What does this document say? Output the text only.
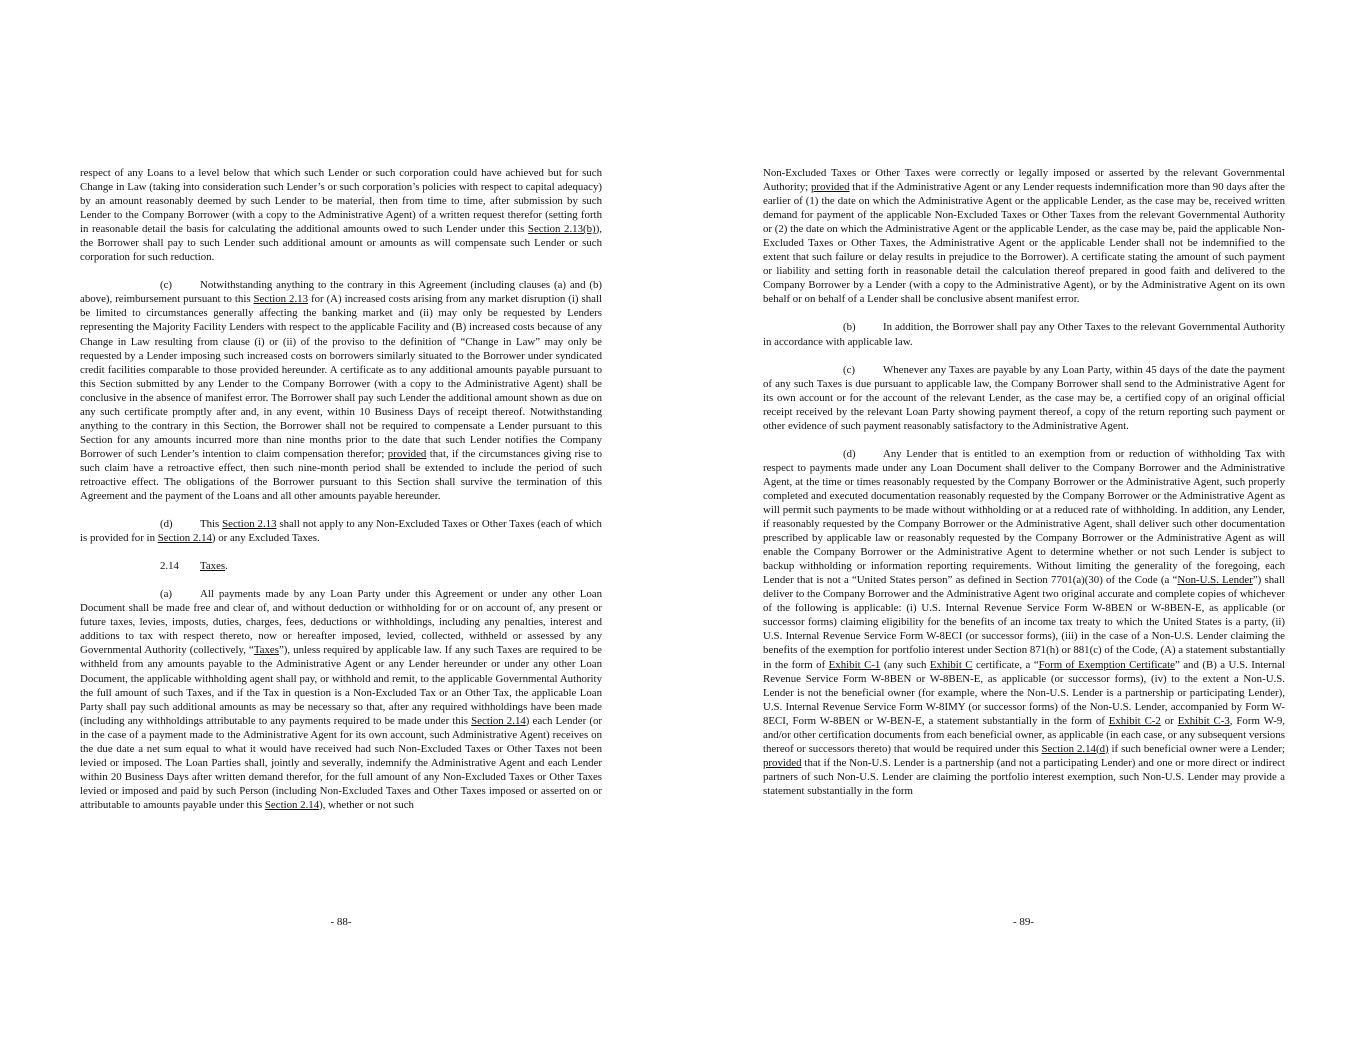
respect of any Loans to a level below that which such Lender or such corporation could have achieved but for such Change in Law (taking into consideration such Lender’s or such corporation’s policies with respect to capital adequacy) by an amount reasonably deemed by such Lender to be material, then from time to time, after submission by such Lender to the Company Borrower (with a copy to the Administrative Agent) of a written request therefor (setting forth in reasonable detail the basis for calculating the additional amounts owed to such Lender under this Section 2.13(b)), the Borrower shall pay to such Lender such additional amount or amounts as will compensate such Lender or such corporation for such reduction.

(c)	Notwithstanding anything to the contrary in this Agreement (including clauses (a) and (b) above), reimbursement pursuant to this Section 2.13 for (A) increased costs arising from any market disruption (i) shall be limited to circumstances generally affecting the banking market and (ii) may only be requested by Lenders representing the Majority Facility Lenders with respect to the applicable Facility and (B) increased costs because of any Change in Law resulting from clause (i) or (ii) of the proviso to the definition of “Change in Law” may only be requested by a Lender imposing such increased costs on borrowers similarly situated to the Borrower under syndicated credit facilities comparable to those provided hereunder. A certificate as to any additional amounts payable pursuant to this Section submitted by any Lender to the Company Borrower (with a copy to the Administrative Agent) shall be conclusive in the absence of manifest error. The Borrower shall pay such Lender the additional amount shown as due on any such certificate promptly after and, in any event, within 10 Business Days of receipt thereof. Notwithstanding anything to the contrary in this Section, the Borrower shall not be required to compensate a Lender pursuant to this Section for any amounts incurred more than nine months prior to the date that such Lender notifies the Company Borrower of such Lender’s intention to claim compensation therefor; provided that, if the circumstances giving rise to such claim have a retroactive effect, then such nine-month period shall be extended to include the period of such retroactive effect. The obligations of the Borrower pursuant to this Section shall survive the termination of this Agreement and the payment of the Loans and all other amounts payable hereunder.

(d)	This Section 2.13 shall not apply to any Non-Excluded Taxes or Other Taxes (each of which is provided for in Section 2.14) or any Excluded Taxes.

2.14 Taxes.

(a)	All payments made by any Loan Party under this Agreement or under any other Loan Document shall be made free and clear of, and without deduction or withholding for or on account of, any present or future taxes, levies, imposts, duties, charges, fees, deductions or withholdings, including any penalties, interest and additions to tax with respect thereto, now or hereafter imposed, levied, collected, withheld or assessed by any Governmental Authority (collectively, “Taxes”), unless required by applicable law. If any such Taxes are required to be withheld from any amounts payable to the Administrative Agent or any Lender hereunder or under any other Loan Document, the applicable withholding agent shall pay, or withhold and remit, to the applicable Governmental Authority the full amount of such Taxes, and if the Tax in question is a Non-Excluded Tax or an Other Tax, the applicable Loan Party shall pay such additional amounts as may be necessary so that, after any required withholdings have been made (including any withholdings attributable to any payments required to be made under this Section 2.14) each Lender (or in the case of a payment made to the Administrative Agent for its own account, such Administrative Agent) receives on the due date a net sum equal to what it would have received had such Non-Excluded Taxes or Other Taxes not been levied or imposed. The Loan Parties shall, jointly and severally, indemnify the Administrative Agent and each Lender within 20 Business Days after written demand therefor, for the full amount of any Non-Excluded Taxes or Other Taxes levied or imposed and paid by such Person (including Non-Excluded Taxes and Other Taxes imposed or asserted on or attributable to amounts payable under this Section 2.14), whether or not such

- 88-

Non-Excluded Taxes or Other Taxes were correctly or legally imposed or asserted by the relevant Governmental Authority; provided that if the Administrative Agent or any Lender requests indemnification more than 90 days after the earlier of (1) the date on which the Administrative Agent or the applicable Lender, as the case may be, received written demand for payment of the applicable Non-Excluded Taxes or Other Taxes from the relevant Governmental Authority or (2) the date on which the Administrative Agent or the applicable Lender, as the case may be, paid the applicable Non-Excluded Taxes or Other Taxes, the Administrative Agent or the applicable Lender shall not be indemnified to the extent that such failure or delay results in prejudice to the Borrower). A certificate stating the amount of such payment or liability and setting forth in reasonable detail the calculation thereof prepared in good faith and delivered to the Company Borrower by a Lender (with a copy to the Administrative Agent), or by the Administrative Agent on its own behalf or on behalf of a Lender shall be conclusive absent manifest error.

(b)	In addition, the Borrower shall pay any Other Taxes to the relevant Governmental Authority in accordance with applicable law.

(c)	Whenever any Taxes are payable by any Loan Party, within 45 days of the date the payment of any such Taxes is due pursuant to applicable law, the Company Borrower shall send to the Administrative Agent for its own account or for the account of the relevant Lender, as the case may be, a certified copy of an original official receipt received by the relevant Loan Party showing payment thereof, a copy of the return reporting such payment or other evidence of such payment reasonably satisfactory to the Administrative Agent.

(d)	Any Lender that is entitled to an exemption from or reduction of withholding Tax with respect to payments made under any Loan Document shall deliver to the Company Borrower and the Administrative Agent, at the time or times reasonably requested by the Company Borrower or the Administrative Agent, such properly completed and executed documentation reasonably requested by the Company Borrower or the Administrative Agent as will permit such payments to be made without withholding or at a reduced rate of withholding. In addition, any Lender, if reasonably requested by the Company Borrower or the Administrative Agent, shall deliver such other documentation prescribed by applicable law or reasonably requested by the Company Borrower or the Administrative Agent as will enable the Company Borrower or the Administrative Agent to determine whether or not such Lender is subject to backup withholding or information reporting requirements. Without limiting the generality of the foregoing, each Lender that is not a “United States person” as defined in Section 7701(a)(30) of the Code (a “Non-U.S. Lender”) shall deliver to the Company Borrower and the Administrative Agent two original accurate and complete copies of whichever of the following is applicable: (i) U.S. Internal Revenue Service Form W-8BEN or W-8BEN-E, as applicable (or successor forms) claiming eligibility for the benefits of an income tax treaty to which the United States is a party, (ii) U.S. Internal Revenue Service Form W-8ECI (or successor forms), (iii) in the case of a Non-U.S. Lender claiming the benefits of the exemption for portfolio interest under Section 871(h) or 881(c) of the Code, (A) a statement substantially in the form of Exhibit C-1 (any such Exhibit C certificate, a “Form of Exemption Certificate” and (B) a U.S. Internal Revenue Service Form W-8BEN or W-8BEN-E, as applicable (or successor forms), (iv) to the extent a Non-U.S. Lender is not the beneficial owner (for example, where the Non-U.S. Lender is a partnership or participating Lender), U.S. Internal Revenue Service Form W-8IMY (or successor forms) of the Non-U.S. Lender, accompanied by Form W-8ECI, Form W-8BEN or W-BEN-E, a statement substantially in the form of Exhibit C-2 or Exhibit C-3, Form W-9, and/or other certification documents from each beneficial owner, as applicable (in each case, or any subsequent versions thereof or successors thereto) that would be required under this Section 2.14(d) if such beneficial owner were a Lender; provided that if the Non-U.S. Lender is a partnership (and not a participating Lender) and one or more direct or indirect partners of such Non-U.S. Lender are claiming the portfolio interest exemption, such Non-U.S. Lender may provide a statement substantially in the form

- 89-
